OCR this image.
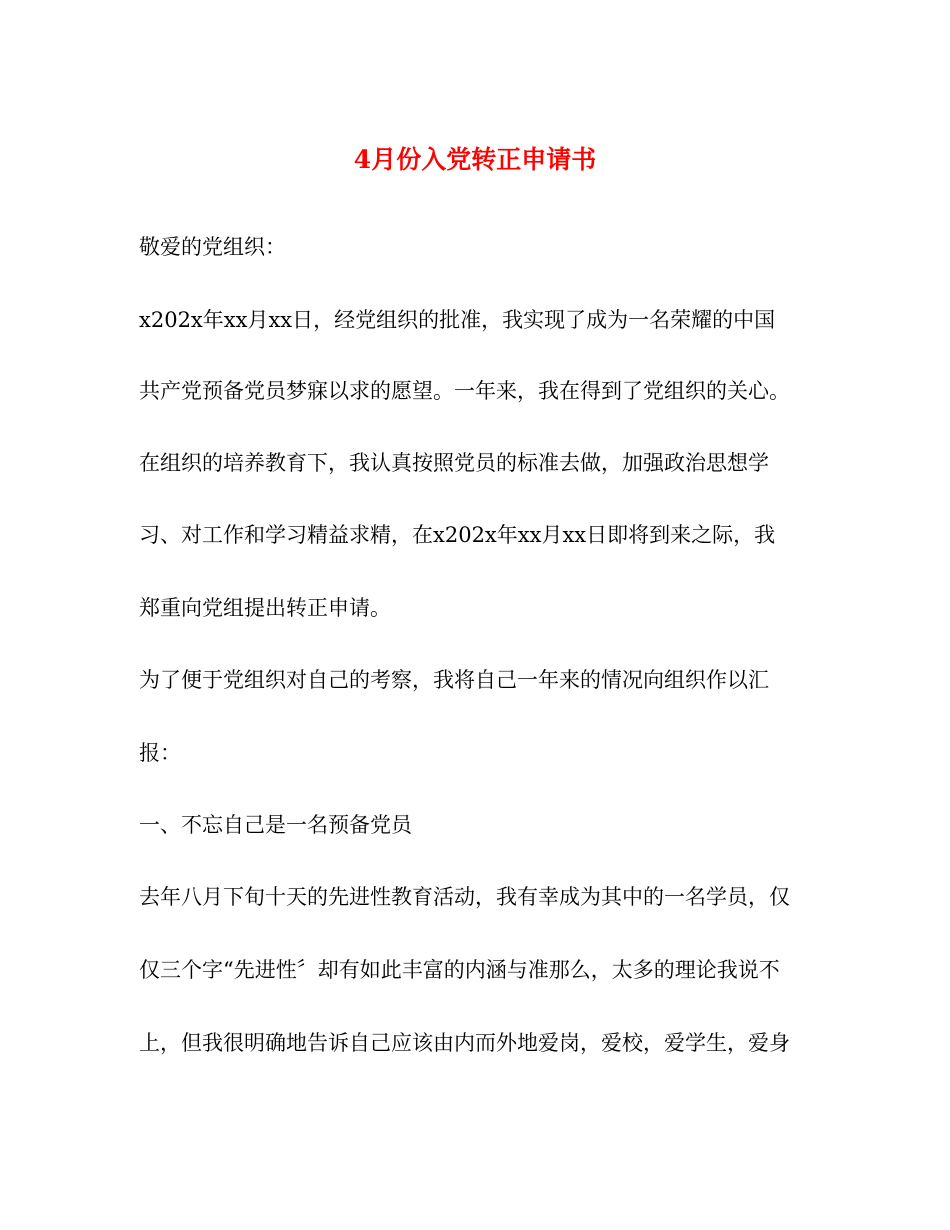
4月份入党转正申请书
敬爱的党组织：
x202x年xx月xx日，经党组织的批准，我实现了成为一名荣耀的中国
共产党预备党员梦寐以求的愿望。一年来，我在得到了党组织的关心。
在组织的培养教育下，我认真按照党员的标准去做，加强政治思想学
习、对工作和学习精益求精，在x202x年xx月xx日即将到来之际，我
郑重向党组提出转正申请。
为了便于党组织对自己的考察，我将自己一年来的情况向组织作以汇
报：
一、不忘自己是一名预备党员
去年八月下旬十天的先进性教育活动，我有幸成为其中的一名学员，仅
仅三个字“先进性〞却有如此丰富的内涵与准那么，太多的理论我说不
上，但我很明确地告诉自己应该由内而外地爱岗，爱校，爱学生，爱身
